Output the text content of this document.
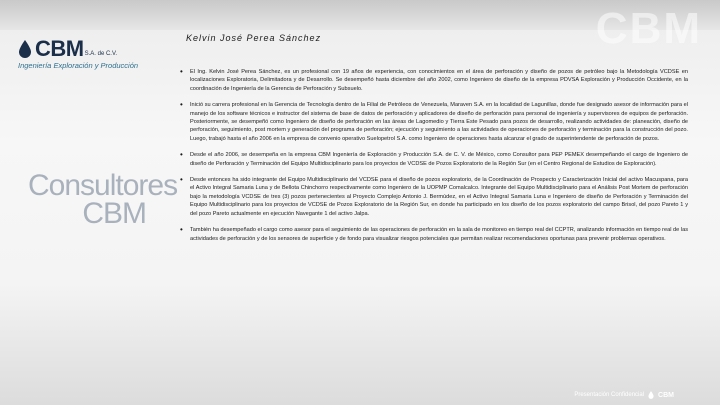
CBM
CBM S.A. de C.V.
Ingeniería Exploración y Producción
Consultores
CBM
Kelvin José Perea Sánchez
•	El Ing. Kelvin José Perea Sánchez, es un profesional con 19 años de experiencia, con conocimientos en el área de perforación y diseño de pozos de petróleo bajo la Metodología VCDSE en localizaciones Exploratoria, Delimitadora y de Desarrollo. Se desempeñó hasta diciembre del año 2002, como Ingeniero de diseño de la empresa PDVSA Exploración y Producción Occidente, en la coordinación de Ingeniería de la Gerencia de Perforación y Subsuelo.
•	Inició su carrera profesional en la Gerencia de Tecnología dentro de la Filial de Petróleos de Venezuela, Maraven S.A. en la localidad de Lagunillas, donde fue designado asesor de información para el manejo de los software técnicos e instructor del sistema de base de datos de perforación y aplicadores de diseño de perforación para personal de ingeniería y supervisores de equipos de perforación. Posteriormente, se desempeñó como Ingeniero de diseño de perforación en las áreas de Lagomedio y Tierra Este Pesado para pozos de desarrollo, realizando actividades de: planeación, diseño de perforación, seguimiento, post mortem y generación del programa de perforación; ejecución y seguimiento a las actividades de operaciones de perforación y terminación para la construcción del pozo. Luego, trabajó hasta el año 2006 en la empresa de convenio operativo Suelopetrol S.A. como Ingeniero de operaciones hasta alcanzar el grado de superintendente de perforación de pozos.
•	Desde el año 2006, se desempeña en la empresa CBM Ingeniería de Exploración y Producción S.A. de C. V. de México, como Consultor para PEP PEMEX desempeñando el cargo de Ingeniero de diseño de Perforación y Terminación del Equipo Multidisciplinario para los proyectos de VCDSE de Pozos Exploratorio de la Región Sur (en el Centro Regional de Estudios de Exploración).
•	Desde entonces ha sido integrante del Equipo Multidisciplinario del VCDSE para el diseño de pozos exploratorio, de la Coordinación de Prospecto y Caracterización Inicial del activo Macuspana, para el Activo Integral Samaria Luna y de Bellota Chinchorro respectivamente como Ingeniero de la UOPMP Comalcalco. Integrante del Equipo Multidisciplinario para el Análisis Post Mortem de perforación bajo la metodología VCDSE de tres (3) pozos pertenecientes al Proyecto Complejo Antonio J. Bermúdez, en el Activo Integral Samaria Luna e Ingeniero de diseño de Perforación y Terminación del Equipo Multidisciplinario para los proyectos de VCDSE de Pozos Exploratorio de la Región Sur, en donde ha participado en los diseño de los pozos exploratorio del campo Brisol, del pozo Pareto 1 y del pozo Pareto actualmente en ejecución Navegante 1 del activo Jalpa.
•	También ha desempeñado el cargo como asesor para el seguimiento de las operaciones de perforación en la sala de monitoreo en tiempo real del CCPTR, analizando información en tiempo real de las actividades de perforación y de los sensores de superficie y de fondo para visualizar riesgos potenciales que permitan realizar recomendaciones oportunas para prevenir problemas operativos.
Presentación Confidencial CBM
